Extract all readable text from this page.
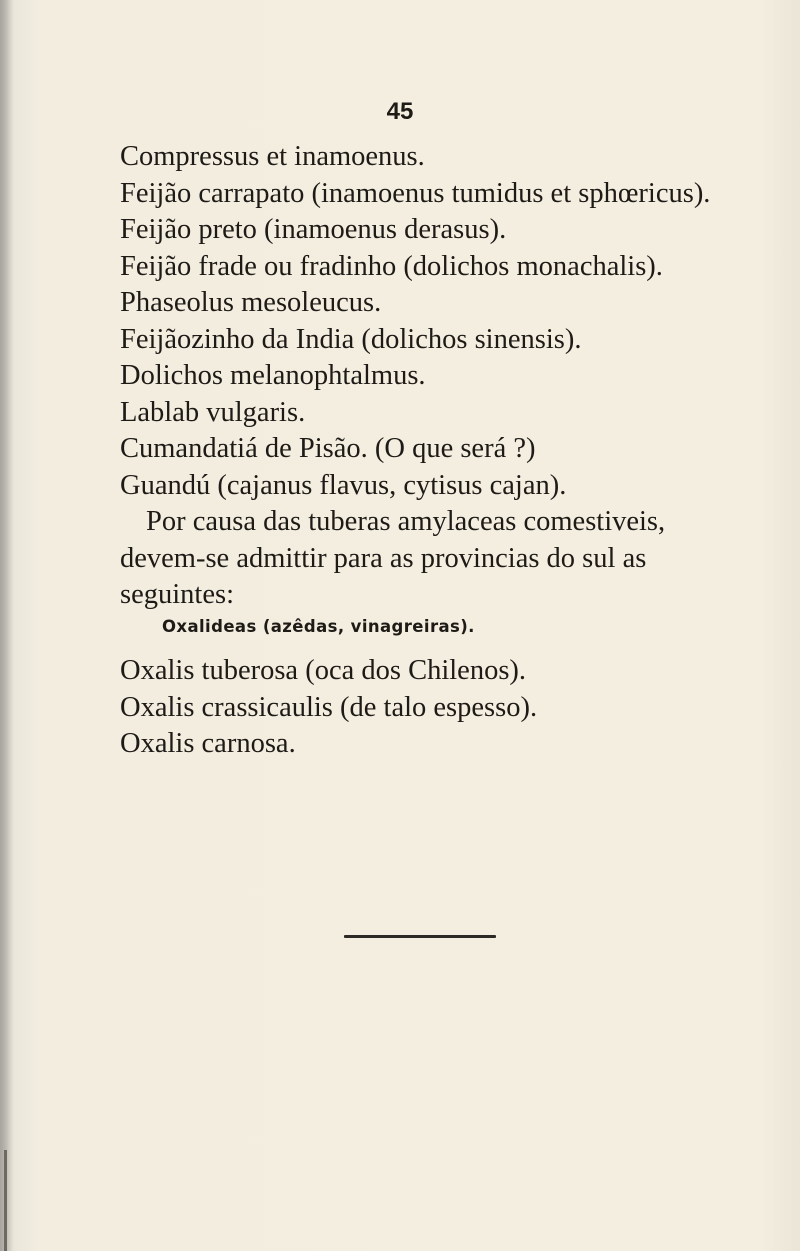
45
Compressus et inamoenus.
Feijão carrapato (inamoenus tumidus et sphœricus).
Feijão preto (inamoenus derasus).
Feijão frade ou fradinho (dolichos monachalis).
Phaseolus mesoleucus.
Feijãozinho da India (dolichos sinensis).
Dolichos melanophtalmus.
Lablab vulgaris.
Cumandatiá de Pisão. (O que será ?)
Guandú (cajanus flavus, cytisus cajan).
Por causa das tuberas amylaceas comestiveis,
devem-se admittir para as provincias do sul as
seguintes:
Oxalideas (azêdas, vinagreiras).
Oxalis tuberosa (oca dos Chilenos).
Oxalis crassicaulis (de talo espesso).
Oxalis carnosa.
